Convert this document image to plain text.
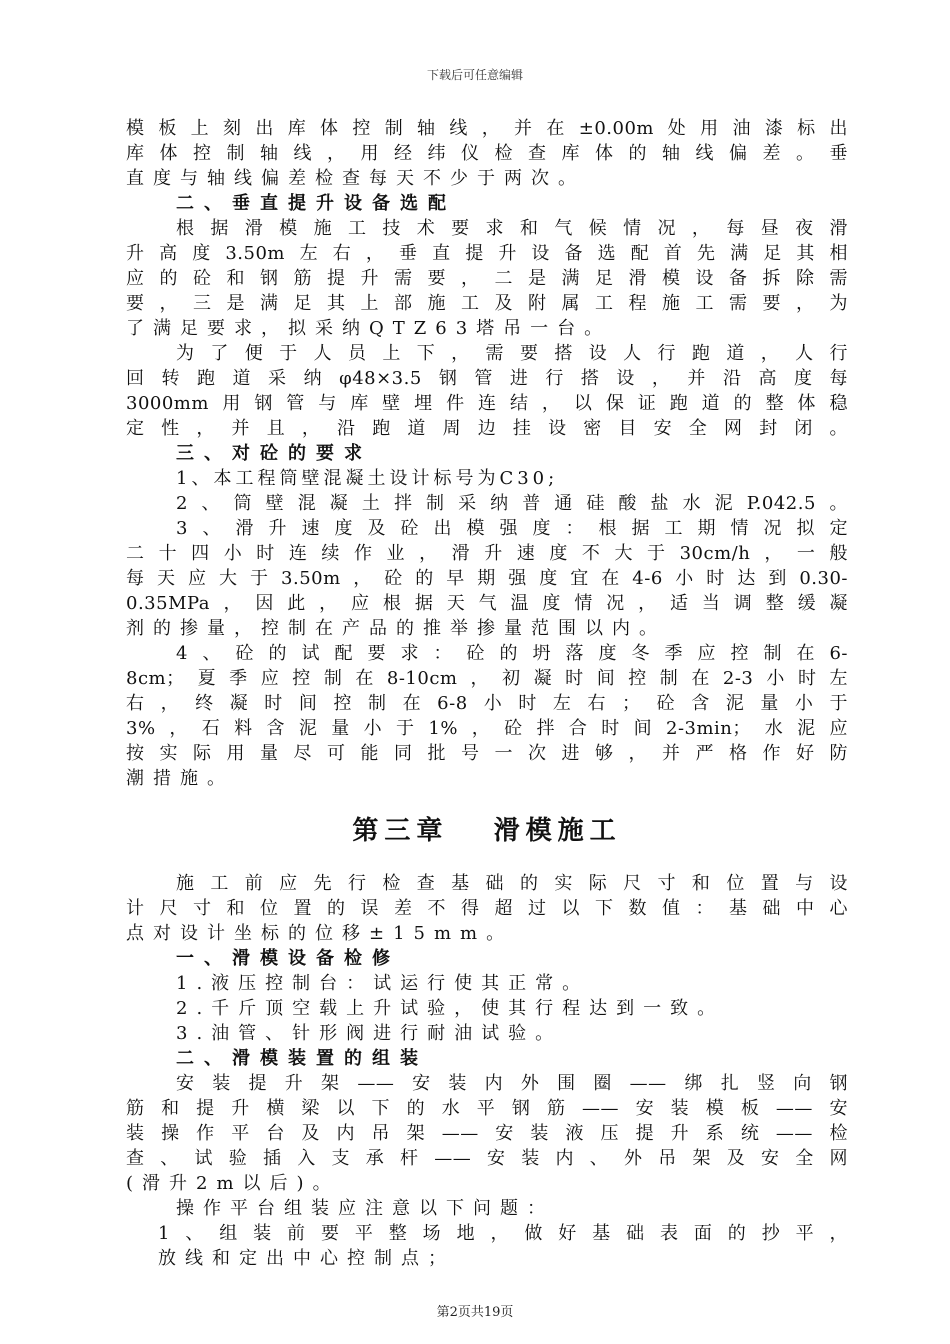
下载后可任意编辑
模板上刻出库体控制轴线，并在±0.00m处用油漆标出
库体控制轴线，用经纬仪检查库体的轴线偏差。垂
直度与轴线偏差检查每天不少于两次。
二、垂直提升设备选配
根据滑模施工技术要求和气候情况，每昼夜滑
升高度3.50m左右，垂直提升设备选配首先满足其相
应的砼和钢筋提升需要，二是满足滑模设备拆除需
要，三是满足其上部施工及附属工程施工需要，为
了满足要求，拟采纳QTZ63塔吊一台。
为了便于人员上下，需要搭设人行跑道，人行
回转跑道采纳φ48×3.5钢管进行搭设，并沿高度每
3000mm用钢管与库壁埋件连结，以保证跑道的整体稳
定性，并且，沿跑道周边挂设密目安全网封闭。
三、对砼的要求
1、本工程筒壁混凝土设计标号为C30;
2、筒壁混凝土拌制采纳普通硅酸盐水泥P.042.5。
3、滑升速度及砼出模强度：根据工期情况拟定
二十四小时连续作业，滑升速度不大于30cm/h，一般
每天应大于3.50m，砼的早期强度宜在4-6小时达到0.30-
0.35MPa，因此，应根据天气温度情况，适当调整缓凝
剂的掺量，控制在产品的推举掺量范围以内。
4、砼的试配要求：砼的坍落度冬季应控制在6-
8cm；夏季应控制在8-10cm，初凝时间控制在2-3小时左
右，终凝时间控制在6-8小时左右；砼含泥量小于
3%，石料含泥量小于1%，砼拌合时间2-3min；水泥应
按实际用量尽可能同批号一次进够，并严格作好防
潮措施。
第三章   滑模施工
施工前应先行检查基础的实际尺寸和位置与设
计尺寸和位置的误差不得超过以下数值：基础中心
点对设计坐标的位移±15mm。
一、滑模设备检修
1.液压控制台：试运行使其正常。
2.千斤顶空载上升试验，使其行程达到一致。
3.油管、针形阀进行耐油试验。
二、滑模装置的组装
安装提升架——安装内外围圈——绑扎竖向钢
筋和提升横梁以下的水平钢筋——安装模板——安
装操作平台及内吊架——安装液压提升系统——检
查、试验插入支承杆——安装内、外吊架及安全网
(滑升2m以后)。
操作平台组装应注意以下问题：
1、组装前要平整场地，做好基础表面的抄平，
放线和定出中心控制点；
第2页共19页
